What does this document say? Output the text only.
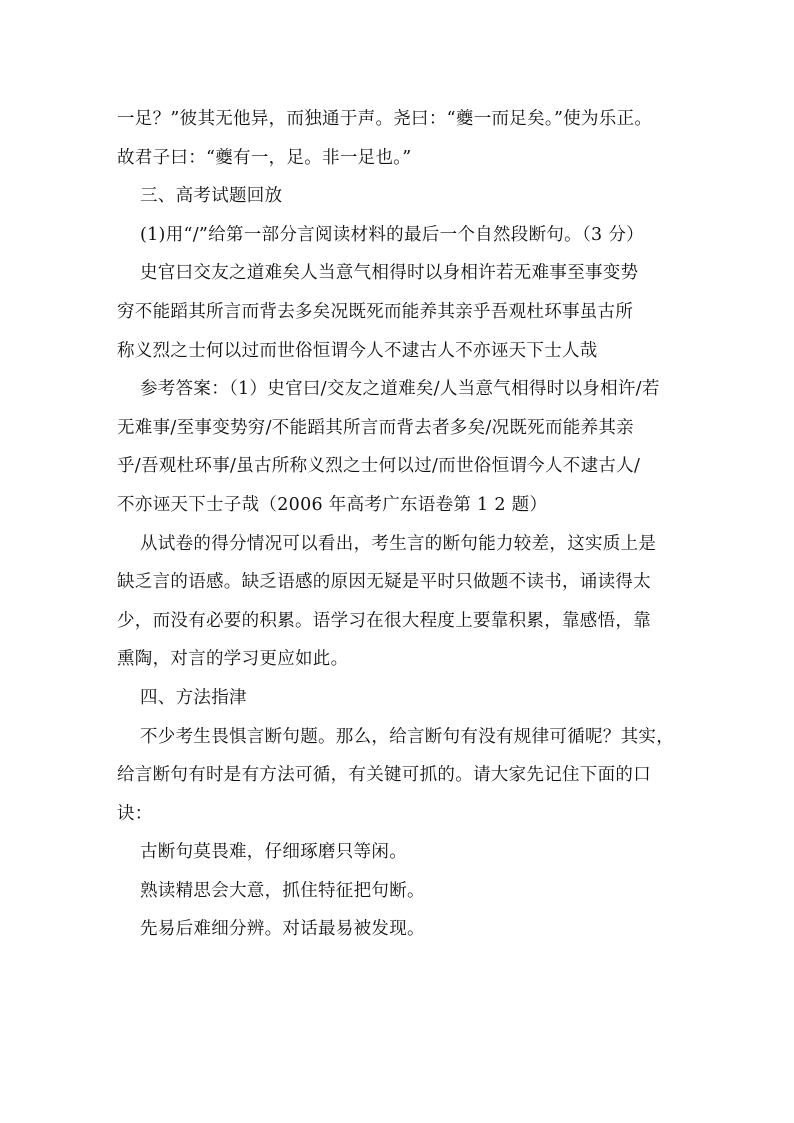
一足？”彼其无他异，而独通于声。尧曰：“夔一而足矣。”使为乐正。
故君子曰：“夔有一，足。非一足也。”
三、高考试题回放
(1)用“/”给第一部分言阅读材料的最后一个自然段断句。（3 分）
史官曰交友之道难矣人当意气相得时以身相许若无难事至事变势
穷不能蹈其所言而背去多矣况既死而能养其亲乎吾观杜环事虽古所
称义烈之士何以过而世俗恒谓今人不逮古人不亦诬天下士人哉
参考答案：（1）史官曰/交友之道难矣/人当意气相得时以身相许/若
无难事/至事变势穷/不能蹈其所言而背去者多矣/况既死而能养其亲
乎/吾观杜环事/虽古所称义烈之士何以过/而世俗恒谓今人不逮古人/
不亦诬天下士子哉（2006 年高考广东语卷第 1 2 题）
从试卷的得分情况可以看出，考生言的断句能力较差，这实质上是
缺乏言的语感。缺乏语感的原因无疑是平时只做题不读书，诵读得太
少，而没有必要的积累。语学习在很大程度上要靠积累，靠感悟，靠
熏陶，对言的学习更应如此。
四、方法指津
不少考生畏惧言断句题。那么，给言断句有没有规律可循呢？其实，
给言断句有时是有方法可循，有关键可抓的。请大家先记住下面的口
诀：
古断句莫畏难，仔细琢磨只等闲。
熟读精思会大意，抓住特征把句断。
先易后难细分辨。对话最易被发现。
